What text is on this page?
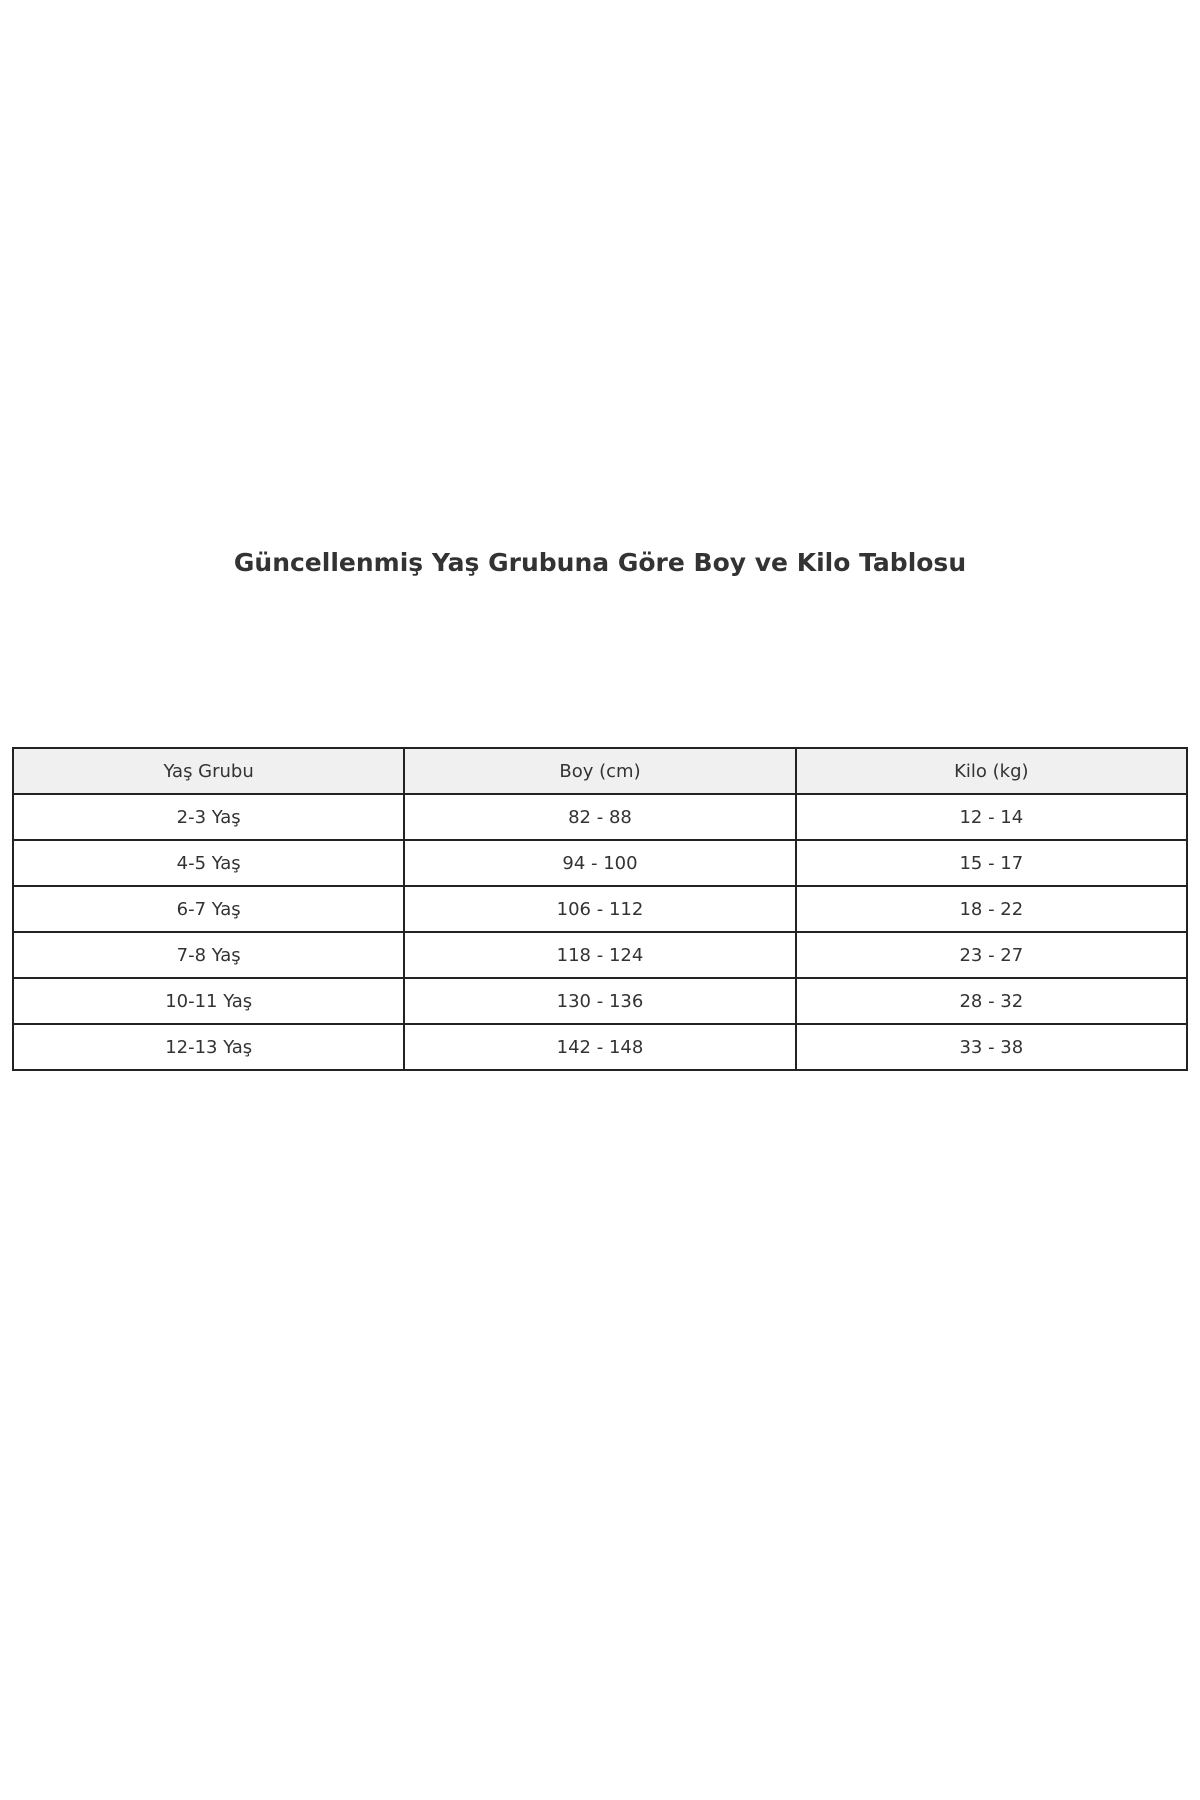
Güncellenmiş Yaş Grubuna Göre Boy ve Kilo Tablosu
Yaş Grubu	Boy (cm)	Kilo (kg)
2-3 Yaş	82 - 88	12 - 14
4-5 Yaş	94 - 100	15 - 17
6-7 Yaş	106 - 112	18 - 22
7-8 Yaş	118 - 124	23 - 27
10-11 Yaş	130 - 136	28 - 32
12-13 Yaş	142 - 148	33 - 38
